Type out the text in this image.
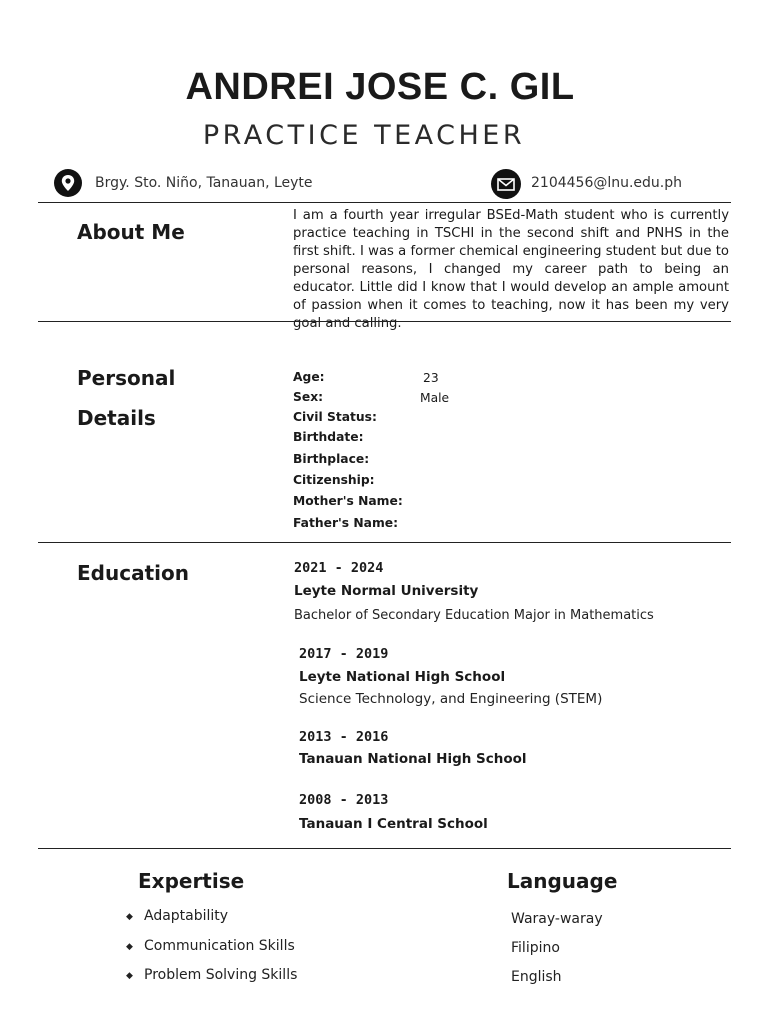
ANDREI JOSE C. GIL
PRACTICE TEACHER
Brgy. Sto. Niño, Tanauan, Leyte	2104456@lnu.edu.ph
About Me
I am a fourth year irregular BSEd-Math student who is currently practice teaching in TSCHI in the second shift and PNHS in the first shift. I was a former chemical engineering student but due to personal reasons, I changed my career path to being an educator. Little did I know that I would develop an ample amount of passion when it comes to teaching, now it has been my very goal and calling.
Personal
Details
Age:	23
Sex:	Male
Civil Status:
Birthdate:
Birthplace:
Citizenship:
Mother's Name:
Father's Name:
Education	2021 - 2024
Leyte Normal University
Bachelor of Secondary Education Major in Mathematics
2017 - 2019
Leyte National High School
Science Technology, and Engineering (STEM)
2013 - 2016
Tanauan National High School
2008 - 2013
Tanauan I Central School
Expertise
◆ Adaptability
◆ Communication Skills
◆ Problem Solving Skills
Language
Waray-waray
Filipino
English
